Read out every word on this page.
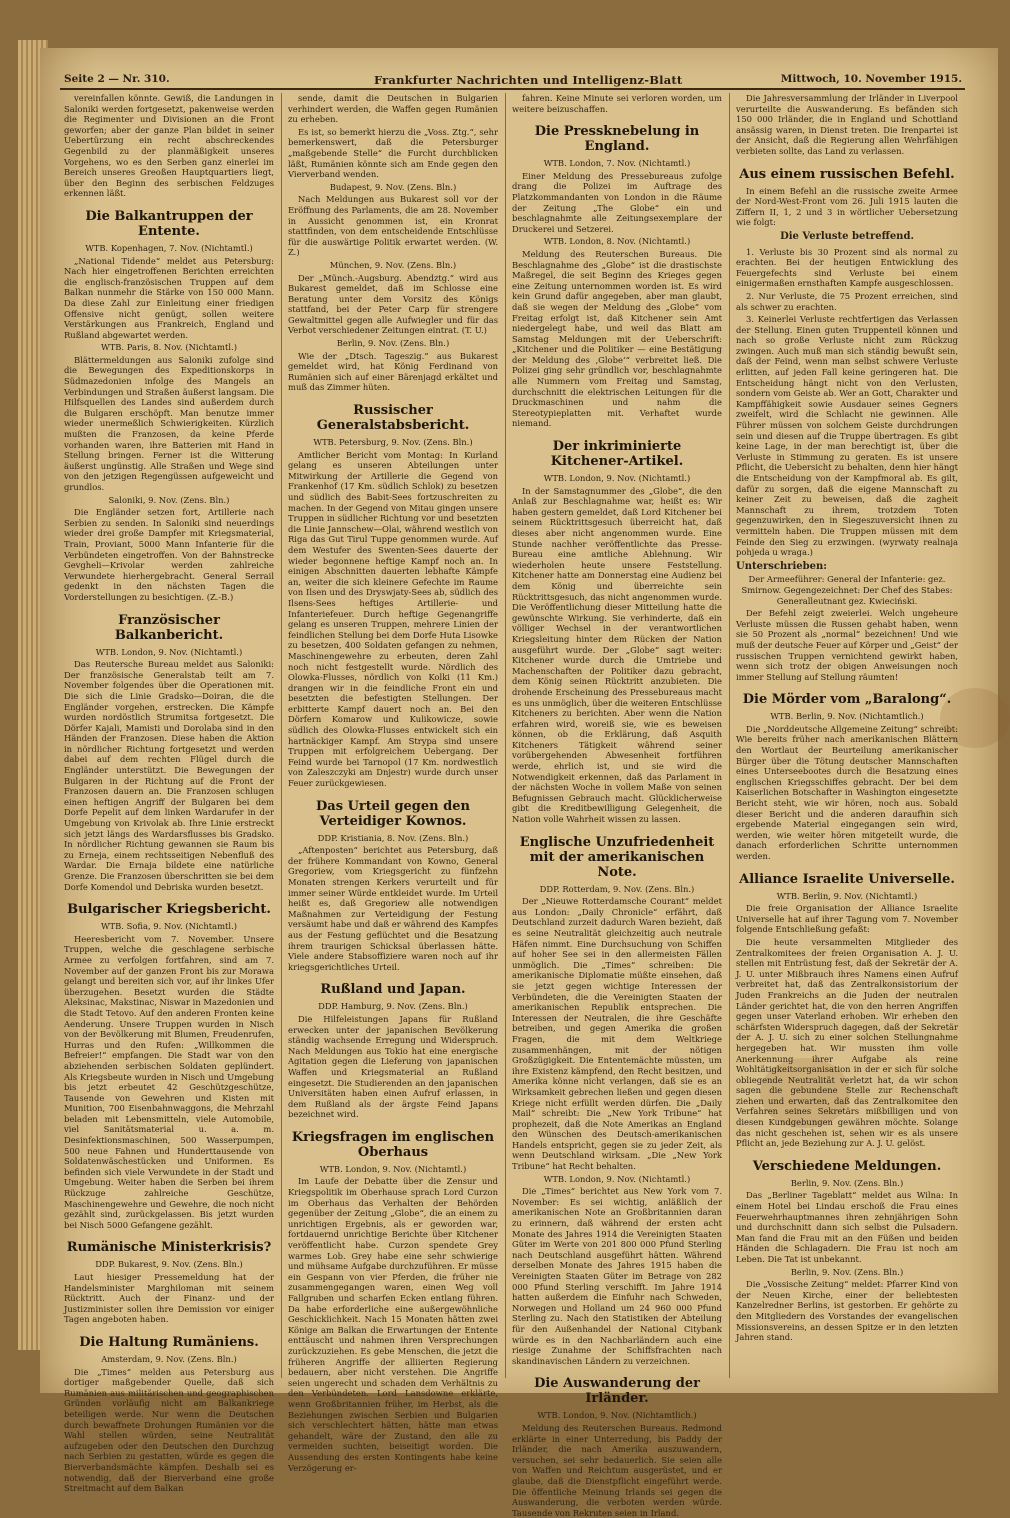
Seite 2 — Nr. 310.	Frankfurter Nachrichten und Intelligenz-Blatt	Mittwoch, 10. November 1915.

vereinfallen könnte. Gewiß, die Landungen in Saloniki werden fortgesetzt, pakenweise werden die Regimenter und Divisionen an die Front geworfen; aber der ganze Plan bildet in seiner Uebertürzung ein recht abschreckendes Gegenbild zu der planmäßigkeit unseres Vorgehens, wo es den Serben ganz einerlei im Bereich unseres Greoßen Hauptquartiers liegt, über den Beginn des serbischen Feldzuges erkennen läßt.

Die Balkantruppen der Entente.

WTB. Kopenhagen, 7. Nov. (Nichtamtl.)

„National Tidende“ meldet aus Petersburg: Nach hier eingetroffenen Berichten erreichten die englisch-französischen Truppen auf dem Balkan nunmehr die Stärke von 150 000 Mann. Da diese Zahl zur Einleitung einer friedigen Offensive nicht genügt, sollen weitere Verstärkungen aus Frankreich, England und Rußland abgewartet werden.

WTB. Paris, 8. Nov. (Nichtamtl.)

Blättermeldungen aus Saloniki zufolge sind die Bewegungen des Expeditionskorps in Südmazedonien infolge des Mangels an Verbindungen und Straßen äußerst langsam. Die Hilfsquellen des Landes sind außerdem durch die Bulgaren erschöpft. Man benutze immer wieder unermeßlich Schwierigkeiten. Kürzlich mußten die Franzosen, da keine Pferde vorhanden waren, ihre Batterien mit Hand in Stellung bringen. Ferner ist die Witterung äußerst ungünstig. Alle Straßen und Wege sind von den jetzigen Regengüssen aufgeweicht und grundlos.

Saloniki, 9. Nov. (Zens. Bln.)

Die Engländer setzen fort, Artillerie nach Serbien zu senden. In Saloniki sind neuerdings wieder drei große Dampfer mit Kriegsmaterial, Train, Proviant, 5000 Mann Infanterie für die Verbündeten eingetroffen. Von der Bahnstrecke Gevgheli—Krivolar werden zahlreiche Verwundete hierhergebracht. General Serrail gedenkt in den nächsten Tagen die Vorderstellungen zu besichtigen. (Z.-B.)

Französischer Balkanbericht.

WTB. London, 9. Nov. (Nichtamtl.)

Das Reutersche Bureau meldet aus Saloniki: Der französische Generalstab teilt am 7. November folgendes über die Operationen mit. Die sich die Linie Gradsko—Doiran, die die Engländer vorgehen, erstrecken. Die Kämpfe wurden nordöstlich Strumitsa fortgesetzt. Die Dörfer Kajali, Mamisti und Dorolaba sind in den Händen der Franzosen. Diese haben die Aktion in nördlicher Richtung fortgesetzt und werden dabei auf dem rechten Flügel durch die Engländer unterstützt. Die Bewegungen der Bulgaren in der Richtung auf die Front der Franzosen dauern an. Die Franzosen schlugen einen heftigen Angriff der Bulgaren bei dem Dorfe Pepelit auf dem linken Wardarufer in der Umgebung von Krivolak ab. Ihre Linie erstreckt sich jetzt längs des Wardarsflusses bis Gradsko. In nördlicher Richtung gewannen sie Raum bis zu Erneja, einem rechtsseitigen Nebenfluß des Wardar. Die Ernaja bildete eine natürliche Grenze. Die Franzosen überschritten sie bei dem Dorfe Komendol und Debriska wurden besetzt.

Bulgarischer Kriegsbericht.

WTB. Sofia, 9. Nov. (Nichtamtl.)

Heeresbericht vom 7. November. Unsere Truppen, welche die geschlagene serbische Armee zu verfolgen fortfahren, sind am 7. November auf der ganzen Front bis zur Morawa gelangt und bereiten sich vor, auf ihr linkes Ufer überzugehen. Besetzt wurden die Städte Aleksinac, Makstinac, Niswar in Mazedonien und die Stadt Tetovo. Auf den anderen Fronten keine Aenderung. Unsere Truppen wurden in Nisch von der Bevölkerung mit Blumen, Freudenrufen, Hurras und den Rufen: „Willkommen die Befreier!“ empfangen. Die Stadt war von den abziehenden serbischen Soldaten geplündert. Als Kriegsbeute wurden in Nisch und Umgebung bis jetzt erbeutet 42 Geschützgeschütze, Tausende von Gewehren und Kisten mit Munition, 700 Eisenbahnwaggons, die Mehrzahl beladen mit Lebensmitteln, viele Automobile, viel Sanitätsmaterial u. a. m. Desinfektionsmaschinen, 500 Wasserpumpen, 500 neue Fahnen und Hunderttausende von Soldatenwäschestücken und Uniformen. Es befinden sich viele Verwundete in der Stadt und Umgebung. Weiter haben die Serben bei ihrem Rückzuge zahlreiche Geschütze, Maschinengewehre und Gewehre, die noch nicht gezählt sind, zurückgelassen. Bis jetzt wurden bei Nisch 5000 Gefangene gezählt.

Rumänische Ministerkrisis?

DDP. Bukarest, 9. Nov. (Zens. Bln.)

Laut hiesiger Pressemeldung hat der Handelsminister Marghiloman mit seinem Rücktritt. Auch der Finanz- und der Justizminister sollen ihre Demission vor einiger Tagen angeboten haben.

Die Haltung Rumäniens.

Amsterdam, 9. Nov. (Zens. Bln.)

Die „Times“ melden aus Petersburg aus dortiger maßgebender Quelle, daß sich Rumänien aus militärischen und geographischen Gründen vorläufig nicht am Balkankriege beteiligen werde. Nur wenn die Deutschen durch bewaffnete Drohungen Rumänien vor die Wahl stellen würden, seine Neutralität aufzugeben oder den Deutschen den Durchzug nach Serbien zu gestatten, würde es gegen die Bierverbandsmächte kämpfen. Deshalb sei es notwendig, daß der Bierverband eine große Streitmacht auf dem Balkan

sende, damit die Deutschen in Bulgarien verhindert werden, die Waffen gegen Rumänien zu erheben.

Es ist, so bemerkt hierzu die „Voss. Ztg.“, sehr bemerkenswert, daß die Petersburger „maßgebende Stelle“ die Furcht durchblicken läßt, Rumänien könnte sich am Ende gegen den Vierverband wenden.

Budapest, 9. Nov. (Zens. Bln.)

Nach Meldungen aus Bukarest soll vor der Eröffnung des Parlaments, die am 28. November in Aussicht genommen ist, ein Kronrat stattfinden, von dem entscheidende Entschlüsse für die auswärtige Politik erwartet werden. (W. Z.)

München, 9. Nov. (Zens. Bln.)

Der „Münch.-Augsburg. Abendztg.“ wird aus Bukarest gemeldet, daß im Schlosse eine Beratung unter dem Vorsitz des Königs stattfand, bei der Peter Carp für strengere Gewaltmittel gegen alle Aufwiegler und für das Verbot verschiedener Zeitungen eintrat. (T. U.)

Berlin, 9. Nov. (Zens. Bln.)

Wie der „Dtsch. Tageszig.“ aus Bukarest gemeldet wird, hat König Ferdinand von Rumänien sich auf einer Bärenjagd erkältet und muß das Zimmer hüten.

Russischer Generalstabsbericht.

WTB. Petersburg, 9. Nov. (Zens. Bln.)

Amtlicher Bericht vom Montag: In Kurland gelang es unseren Abteilungen unter Mitwirkung der Artillerie die Gegend von Frankenhof (17 Km. südlich Schlok) zu besetzen und südlich des Babit-Sees fortzuschreiten zu machen. In der Gegend von Mitau gingen unsere Truppen in südlicher Richtung vor und besetzten die Linie Jannschew—Olai, während westlich von Riga das Gut Tirul Tuppe genommen wurde. Auf dem Westufer des Swenten-Sees dauerte der wieder begonnene heftige Kampf noch an. In einigen Abschnitten dauerten lebhafte Kämpfe an, weiter die sich kleinere Gefechte im Raume von Ilsen und des Dryswjaty-Sees ab, südlich des Ilsens-Sees heftiges Artillerie- und Infanteriefeuer. Durch heftige Gegenangriffe gelang es unseren Truppen, mehrere Linien der feindlichen Stellung bei dem Dorfe Huta Lisowke zu besetzen, 400 Soldaten gefangen zu nehmen, Maschinengewehre zu erbeuten, deren Zahl noch nicht festgestellt wurde. Nördlich des Olowka-Flusses, nördlich von Kolki (11 Km.) drangen wir in die feindliche Front ein und besetzten die befestigten Stellungen. Der erbitterte Kampf dauert noch an. Bei den Dörfern Komarow und Kulikowicze, sowie südlich des Olowka-Flusses entwickelt sich ein hartnäckiger Kampf. Am Strypa sind unsere Truppen mit erfolgreichem Uebergang. Der Feind wurde bei Tarnopol (17 Km. nordwestlich von Zaleszczyki am Dnjestr) wurde durch unser Feuer zurückgewiesen.

Das Urteil gegen den Verteidiger Kownos.

DDP. Kristiania, 8. Nov. (Zens. Bln.)

„Aftenposten“ berichtet aus Petersburg, daß der frühere Kommandant von Kowno, General Gregoriew, vom Kriegsgericht zu fünfzehn Monaten strengen Kerkers verurteilt und für immer seiner Würde entkleidet wurde. Im Urteil heißt es, daß Gregoriew alle notwendigen Maßnahmen zur Verteidigung der Festung versäumt habe und daß er während des Kampfes aus der Festung geflüchtet und die Besatzung ihrem traurigen Schicksal überlassen hätte. Viele andere Stabsoffiziere waren noch auf ihr kriegsgerichtliches Urteil.

Rußland und Japan.

DDP. Hamburg, 9. Nov. (Zens. Bln.)

Die Hilfeleistungen Japans für Rußland erwecken unter der japanischen Bevölkerung ständig wachsende Erregung und Widerspruch. Nach Meldungen aus Tokio hat eine energische Agitation gegen die Lieferung von japanischen Waffen und Kriegsmaterial an Rußland eingesetzt. Die Studierenden an den japanischen Universitäten haben einen Aufruf erlassen, in dem Rußland als der ärgste Feind Japans bezeichnet wird.

Kriegsfragen im englischen Oberhaus

WTB. London, 9. Nov. (Nichtamtl.)

Im Laufe der Debatte über die Zensur und Kriegspolitik im Oberhause sprach Lord Curzon im Oberhaus das Verhalten der Behörden gegenüber der Zeitung „Globe“, die an einem zu unrichtigen Ergebnis, als er geworden war, fortdauernd unrichtige Berichte über Kitchener veröffentlicht habe. Curzon spendete Grey warmes Lob. Grey habe eine sehr schwierige und mühsame Aufgabe durchzuführen. Er müsse ein Gespann von vier Pferden, die früher nie zusammengegangen waren, einen Weg voll Fallgruben und scharfen Ecken entlang führen. Da habe erforderliche eine außergewöhnliche Geschicklichkeit. Nach 15 Monaten hätten zwei Könige am Balkan die Erwartungen der Entente enttäuscht und nahmen ihren Versprechungen zurückzuziehen. Es gebe Menschen, die jetzt die früheren Angriffe der alliierten Regierung bedauern, aber nicht verstehen. Die Angriffe seien ungerecht und schaden dem Verhältnis zu den Verbündeten. Lord Lansdowne erklärte, wenn Großbritannien früher, im Herbst, als die Beziehungen zwischen Serbien und Bulgarien sich verschlechtert hätten, hätte man etwas gehandelt, wäre der Zustand, den alle zu vermeiden suchten, beiseitigt worden. Die Aussendung des ersten Kontingents habe keine Verzögerung er-

fahren. Keine Minute sei verloren worden, um weitere beizuschaffen.

Die Pressknebelung in England.

WTB. London, 7. Nov. (Nichtamtl.)

Einer Meldung des Pressebureaus zufolge drang die Polizei im Auftrage des Platzkommandanten von London in die Räume der Zeitung „The Globe“ ein und beschlagnahmte alle Zeitungsexemplare der Druckerei und Setzerei.

WTB. London, 8. Nov. (Nichtamtl.)

Meldung des Reuterschen Bureaus. Die Beschlagnahme des „Globe“ ist die drastischste Maßregel, die seit Beginn des Krieges gegen eine Zeitung unternommen worden ist. Es wird kein Grund dafür angegeben, aber man glaubt, daß sie wegen der Meldung des „Globe“ vom Freitag erfolgt ist, daß Kitchener sein Amt niedergelegt habe, und weil das Blatt am Samstag Meldungen mit der Ueberschrift: „Kitchener und die Politiker — eine Bestätigung der Meldung des ‚Globe‘“ verbreitet ließ. Die Polizei ging sehr gründlich vor, beschlagnahmte alle Nummern vom Freitag und Samstag, durchschnitt die elektrischen Leitungen für die Druckmaschinen und nahm die Stereotypieplatten mit. Verhaftet wurde niemand.

Der inkriminierte Kitchener-Artikel.

WTB. London, 9. Nov. (Nichtamtl.)

In der Samstagnummer des „Globe“, die den Anlaß zur Beschlagnahme war, heißt es: Wir haben gestern gemeldet, daß Lord Kitchener bei seinem Rücktrittsgesuch überreicht hat, daß dieses aber nicht angenommen wurde. Eine Stunde nachher veröffentlichte das Presse-Bureau eine amtliche Ablehnung. Wir wiederholen heute unsere Feststellung. Kitchener hatte am Donnerstag eine Audienz bei dem König und überreichte sein Rücktrittsgesuch, das nicht angenommen wurde. Die Veröffentlichung dieser Mitteilung hatte die gewünschte Wirkung. Sie verhinderte, daß ein völliger Wechsel in der verantwortlichen Kriegsleitung hinter dem Rücken der Nation ausgeführt wurde. Der „Globe“ sagt weiter: Kitchener wurde durch die Umtriebe und Machenschaften der Politiker dazu gebracht, dem König seinen Rücktritt anzubieten. Die drohende Erscheinung des Pressebureaus macht es uns unmöglich, über die weiteren Entschlüsse Kitcheners zu berichten. Aber wenn die Nation erfahren wird, woreiß sie, wie es beweisen können, ob die Erklärung, daß Asquith Kitcheners Tätigkeit während seiner vorübergehenden Abwesenheit fortführen werde, ehrlich ist, und sie wird die Notwendigkeit erkennen, daß das Parlament in der nächsten Woche in vollem Maße von seinen Befugnissen Gebrauch macht. Glücklicherweise gibt die Kreditbewilligung Gelegenheit, die Nation volle Wahrheit wissen zu lassen.

Englische Unzufriedenheit mit der amerikanischen Note.

DDP. Rotterdam, 9. Nov. (Zens. Bln.)

Der „Nieuwe Rotterdamsche Courant“ meldet aus London: „Daily Chronicle“ erfährt, daß Deutschland zurzeit dadurch Waren bezieht, daß es seine Neutralität gleichzeitig auch neutrale Häfen nimmt. Eine Durchsuchung von Schiffen auf hoher See sei in den allermeisten Fällen unmöglich. Die „Times“ schreiben: Die amerikanische Diplomatie müßte einsehen, daß sie jetzt gegen wichtige Interessen der Verbündeten, die die Vereinigten Staaten der amerikanischen Republik entsprechen. Die Interessen der Neutralen, die ihre Geschäfte betreiben, und gegen Amerika die großen Fragen, die mit dem Weltkriege zusammenhängen, mit der nötigen Großzügigkeit. Die Ententemächte müssten, um ihre Existenz kämpfend, den Recht besitzen, und Amerika könne nicht verlangen, daß sie es an Wirksamkeit gebrechen ließen und gegen diesen Kriege nicht erfüllt werden dürfen. Die „Daily Mail“ schreibt: Die „New York Tribune“ hat prophezeit, daß die Note Amerikas an England den Wünschen des Deutsch-amerikanischen Handels entspricht, gegen sie zu jeder Zeit, als wenn Deutschland wirksam. „Die „New York Tribune“ hat Recht behalten.

WTB. London, 9. Nov. (Nichtamtl.)

Die „Times“ berichtet aus New York vom 7. November: Es sei wichtig, anläßlich der amerikanischen Note an Großbritannien daran zu erinnern, daß während der ersten acht Monate des Jahres 1914 die Vereinigten Staaten Güter im Werte von 201 800 000 Pfund Sterling nach Deutschland ausgeführt hätten. Während derselben Monate des Jahres 1915 haben die Vereinigten Staaten Güter im Betrage von 282 000 Pfund Sterling verschifft. Im Jahre 1914 hatten außerdem die Einfuhr nach Schweden, Norwegen und Holland um 24 960 000 Pfund Sterling zu. Nach den Statistiken der Abteilung für den Außenhandel der National Citybank würde es in den Nachbarländern auch eine riesige Zunahme der Schiffsfrachten nach skandinavischen Ländern zu verzeichnen.

Die Auswanderung der Irländer.

WTB. London, 9. Nov. (Nichtamtlich.)

Meldung des Reuterschen Bureaus. Redmond erklärte in einer Unterredung, bis Paddy der Irländer, die nach Amerika auszuwandern, versuchen, sei sehr bedauerlich. Sie seien alle von Waffen und Reichtum ausgerüstet, und er glaube, daß die Dienstpflicht eingeführt werde. Die öffentliche Meinung Irlands sei gegen die Auswanderung, die verboten werden würde. Tausende von Rekruten seien in Irland.

Die Jahresversammlung der Irländer in Liverpool verurteilte die Auswanderung. Es befänden sich 150 000 Irländer, die in England und Schottland ansässig waren, in Dienst treten. Die Irenpartei ist der Ansicht, daß die Regierung allen Wehrfähigen verbieten sollte, das Land zu verlassen.

Aus einem russischen Befehl.

In einem Befehl an die russische zweite Armee der Nord-West-Front vom 26. Juli 1915 lauten die Ziffern II, 1, 2 und 3 in wörtlicher Uebersetzung wie folgt:

Die Verluste betreffend.

1. Verluste bis 30 Prozent sind als normal zu erachten. Bei der heutigen Entwicklung des Feuergefechts sind Verluste bei einem einigermaßen ernsthaften Kampfe ausgeschlossen.

2. Nur Verluste, die 75 Prozent erreichen, sind als schwer zu erachten.

3. Keinerlei Verluste rechtfertigen das Verlassen der Stellung. Einen guten Truppenteil können und nach so große Verluste nicht zum Rückzug zwingen. Auch muß man sich ständig bewußt sein, daß der Feind, wenn man selbst schwere Verluste erlitten, auf jeden Fall keine geringeren hat. Die Entscheidung hängt nicht von den Verlusten, sondern vom Geiste ab. Wer an Gott, Charakter und Kampffähigkeit sowie Ausdauer seines Gegners zweifelt, wird die Schlacht nie gewinnen. Alle Führer müssen von solchem Geiste durchdrungen sein und diesen auf die Truppe übertragen. Es gibt keine Lage, in der man berechtigt ist, über die Verluste in Stimmung zu geraten. Es ist unsere Pflicht, die Uebersicht zu behalten, denn hier hängt die Entscheidung von der Kampfmoral ab. Es gilt, dafür zu sorgen, daß die eigene Mannschaft zu keiner Zeit zu beweisen, daß die zagheit Mannschaft zu ihrem, trotzdem Toten gegenzuwirken, den in Siegeszuversicht ihnen zu vermitteln haben. Die Truppen müssen mit dem Feinde den Sieg zu erzwingen. (wyrwaty realnaja pohjeda u wraga.)

Unterschrieben:

Der Armeeführer: General der Infanterie: gez. Smirnow. Gegengezeichnet: Der Chef des Stabes: Generalleutnant gez. Kwieciński.

Der Befehl zeigt zweierlei. Welch ungeheure Verluste müssen die Russen gehabt haben, wenn sie 50 Prozent als „normal“ bezeichnen! Und wie muß der deutsche Feuer auf Körper und „Geist“ der russischen Truppen vernichtend gewirkt haben, wenn sich trotz der obigen Anweisungen noch immer Stellung auf Stellung räumten!

Die Mörder vom „Baralong“.

WTB. Berlin, 9. Nov. (Nichtamtlich.)

Die „Norddeutsche Allgemeine Zeitung“ schreibt: Wie bereits früher nach amerikanischen Blättern den Wortlaut der Beurteilung amerikanischer Bürger über die Tötung deutscher Mannschaften eines Unterseebootes durch die Besatzung eines englischen Kriegsschiffes gebracht. Der bei dem Kaiserlichen Botschafter in Washington eingesetzte Bericht steht, wie wir hören, noch aus. Sobald dieser Bericht und die anderen daraufhin sich ergebende Material eingegangen sein wird, werden, wie weiter hören mitgeteilt wurde, die danach erforderlichen Schritte unternommen werden.

Alliance Israelite Universelle.

WTB. Berlin, 9. Nov. (Nichtamtl.)

Die freie Organisation der Alliance Israelite Universelle hat auf ihrer Tagung vom 7. November folgende Entschließung gefaßt:

Die heute versammelten Mitglieder des Zentralkomitees der freien Organisation A. J. U. stellen mit Entrüstung fest, daß der Sekretär der A. J. U. unter Mißbrauch ihres Namens einen Aufruf verbreitet hat, daß das Zentralkonsistorium der Juden Frankreichs an die Juden der neutralen Länder gerichtet hat, die von den herren Angriffen gegen unser Vaterland erhoben. Wir erheben den schärfsten Widerspruch dagegen, daß der Sekretär der A. J. U. sich zu einer solchen Stellungnahme hergegeben hat. Wir mussten ihm volle Anerkennung ihrer Aufgabe als reine Wohltätigkeitsorganisation in der er sich für solche obliegende Neutralität verletzt hat, da wir schon sagen die gebundene Stelle zur Rechenschaft ziehen und erwarten, daß das Zentralkomitee den Verfahren seines Sekretärs mißbilligen und von diesen Kundgebungen gewähren möchte. Solange das nicht geschehen ist, sehen wir es als unsere Pflicht an, jede Beziehung zur A. J. U. gelöst.

Verschiedene Meldungen.

Berlin, 9. Nov. (Zens. Bln.)

Das „Berliner Tageblatt“ meldet aus Wilna: In einem Hotel bei Lindau erschoß die Frau eines Feuerwehrhauptmannes ihren zehnjährigen Sohn und durchschnitt dann sich selbst die Pulsadern. Man fand die Frau mit an den Füßen und beiden Händen die Schlagadern. Die Frau ist noch am Leben. Die Tat ist unbekannt.

Berlin, 9. Nov. (Zens. Bln.)

Die „Vossische Zeitung“ meldet: Pfarrer Kind von der Neuen Kirche, einer der beliebtesten Kanzelredner Berlins, ist gestorben. Er gehörte zu den Mitgliedern des Vorstandes der evangelischen Missionsvereins, an dessen Spitze er in den letzten Jahren stand.
